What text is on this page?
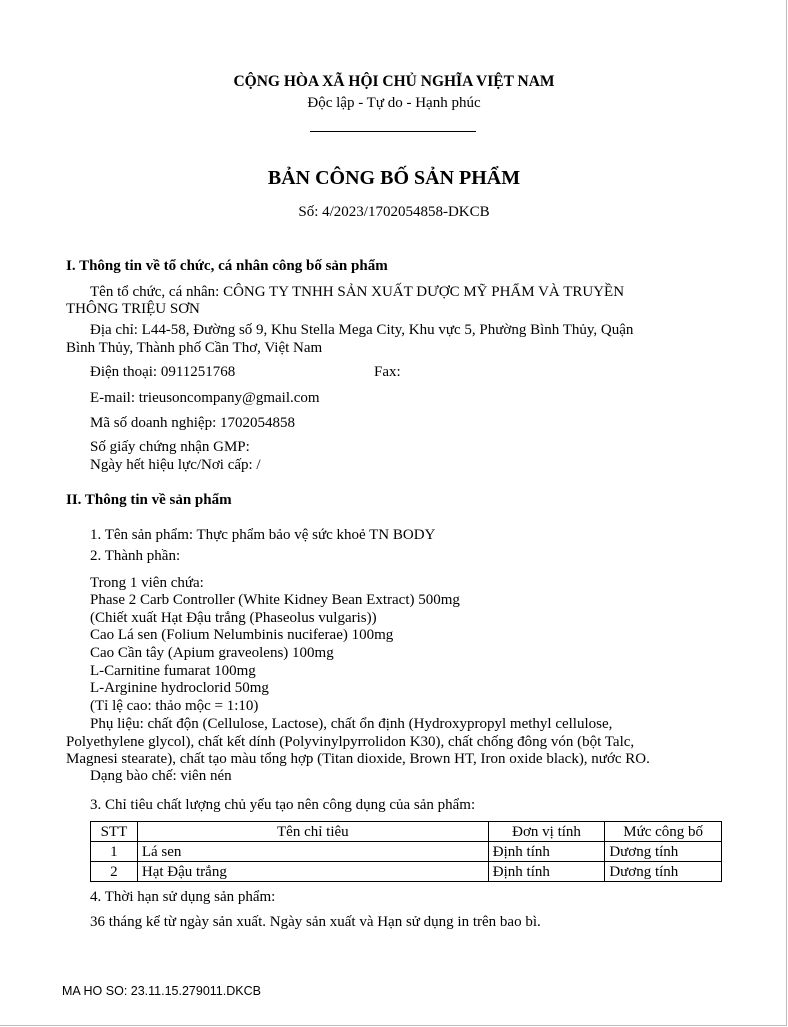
CỘNG HÒA XÃ HỘI CHỦ NGHĨA VIỆT NAM
Độc lập - Tự do - Hạnh phúc
BẢN CÔNG BỐ SẢN PHẨM
Số: 4/2023/1702054858-DKCB
I. Thông tin về tổ chức, cá nhân công bố sản phẩm
Tên tổ chức, cá nhân: CÔNG TY TNHH SẢN XUẤT DƯỢC MỸ PHẨM VÀ TRUYỀN
THÔNG TRIỆU SƠN
Địa chỉ: L44-58, Đường số 9, Khu Stella Mega City, Khu vực 5, Phường Bình Thủy, Quận
Bình Thủy, Thành phố Cần Thơ, Việt Nam
Điện thoại: 0911251768	Fax:
E-mail: trieusoncompany@gmail.com
Mã số doanh nghiệp: 1702054858
Số giấy chứng nhận GMP:
Ngày hết hiệu lực/Nơi cấp: /
II. Thông tin về sản phẩm
1. Tên sản phẩm: Thực phẩm bảo vệ sức khoẻ TN BODY
2. Thành phần:
Trong 1 viên chứa:
Phase 2 Carb Controller (White Kidney Bean Extract) 500mg
(Chiết xuất Hạt Đậu trắng (Phaseolus vulgaris))
Cao Lá sen (Folium Nelumbinis nuciferae) 100mg
Cao Cần tây (Apium graveolens) 100mg
L-Carnitine fumarat 100mg
L-Arginine hydroclorid 50mg
(Tỉ lệ cao: thảo mộc = 1:10)
Phụ liệu: chất độn (Cellulose, Lactose), chất ổn định (Hydroxypropyl methyl cellulose,
Polyethylene glycol), chất kết dính (Polyvinylpyrrolidon K30), chất chống đông vón (bột Talc,
Magnesi stearate), chất tạo màu tổng hợp (Titan dioxide, Brown HT, Iron oxide black), nước RO.
Dạng bào chế: viên nén
3. Chỉ tiêu chất lượng chủ yếu tạo nên công dụng của sản phẩm:
STT	Tên chỉ tiêu	Đơn vị tính	Mức công bố
1	Lá sen	Định tính	Dương tính
2	Hạt Đậu trắng	Định tính	Dương tính
4. Thời hạn sử dụng sản phẩm:
36 tháng kể từ ngày sản xuất. Ngày sản xuất và Hạn sử dụng in trên bao bì.
MA HO SO: 23.11.15.279011.DKCB
